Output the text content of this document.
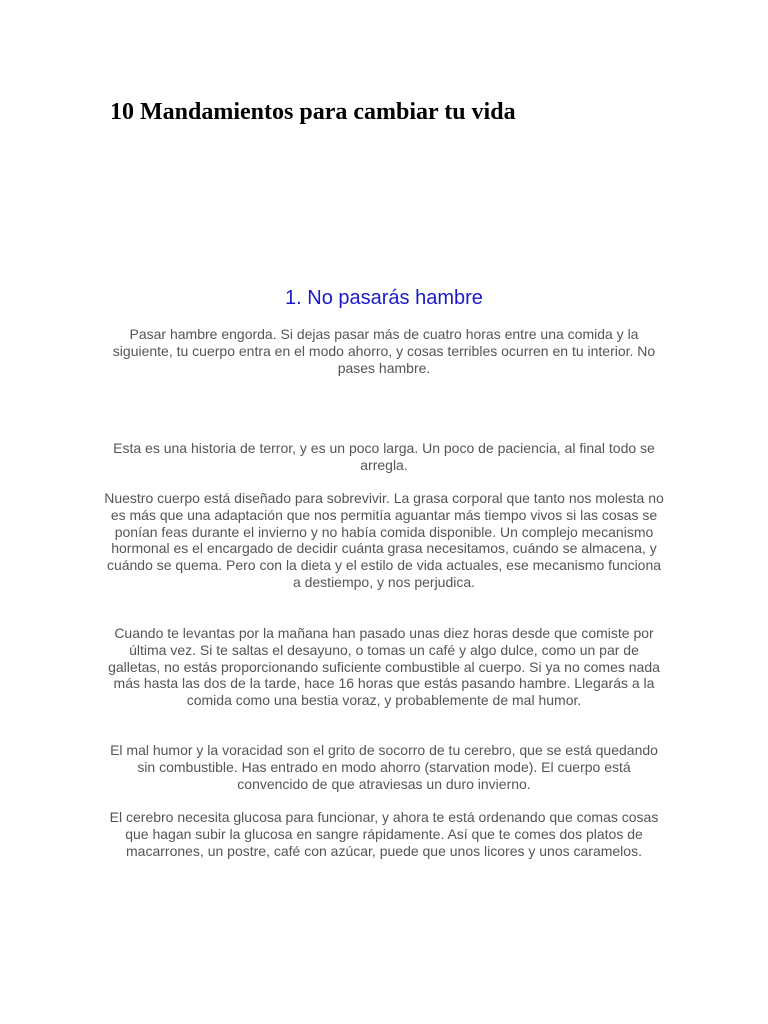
10 Mandamientos para cambiar tu vida
1. No pasarás hambre

Pasar hambre engorda. Si dejas pasar más de cuatro horas entre una comida y la siguiente, tu cuerpo entra en el modo ahorro, y cosas terribles ocurren en tu interior. No pases hambre.

Esta es una historia de terror, y es un poco larga. Un poco de paciencia, al final todo se arregla.

Nuestro cuerpo está diseñado para sobrevivir. La grasa corporal que tanto nos molesta no es más que una adaptación que nos permitía aguantar más tiempo vivos si las cosas se ponían feas durante el invierno y no había comida disponible. Un complejo mecanismo hormonal es el encargado de decidir cuánta grasa necesitamos, cuándo se almacena, y cuándo se quema. Pero con la dieta y el estilo de vida actuales, ese mecanismo funciona a destiempo, y nos perjudica.

Cuando te levantas por la mañana han pasado unas diez horas desde que comiste por última vez. Si te saltas el desayuno, o tomas un café y algo dulce, como un par de galletas, no estás proporcionando suficiente combustible al cuerpo. Si ya no comes nada más hasta las dos de la tarde, hace 16 horas que estás pasando hambre. Llegarás a la comida como una bestia voraz, y probablemente de mal humor.

El mal humor y la voracidad son el grito de socorro de tu cerebro, que se está quedando sin combustible. Has entrado en modo ahorro (starvation mode). El cuerpo está convencido de que atraviesas un duro invierno.

El cerebro necesita glucosa para funcionar, y ahora te está ordenando que comas cosas que hagan subir la glucosa en sangre rápidamente. Así que te comes dos platos de macarrones, un postre, café con azúcar, puede que unos licores y unos caramelos.
